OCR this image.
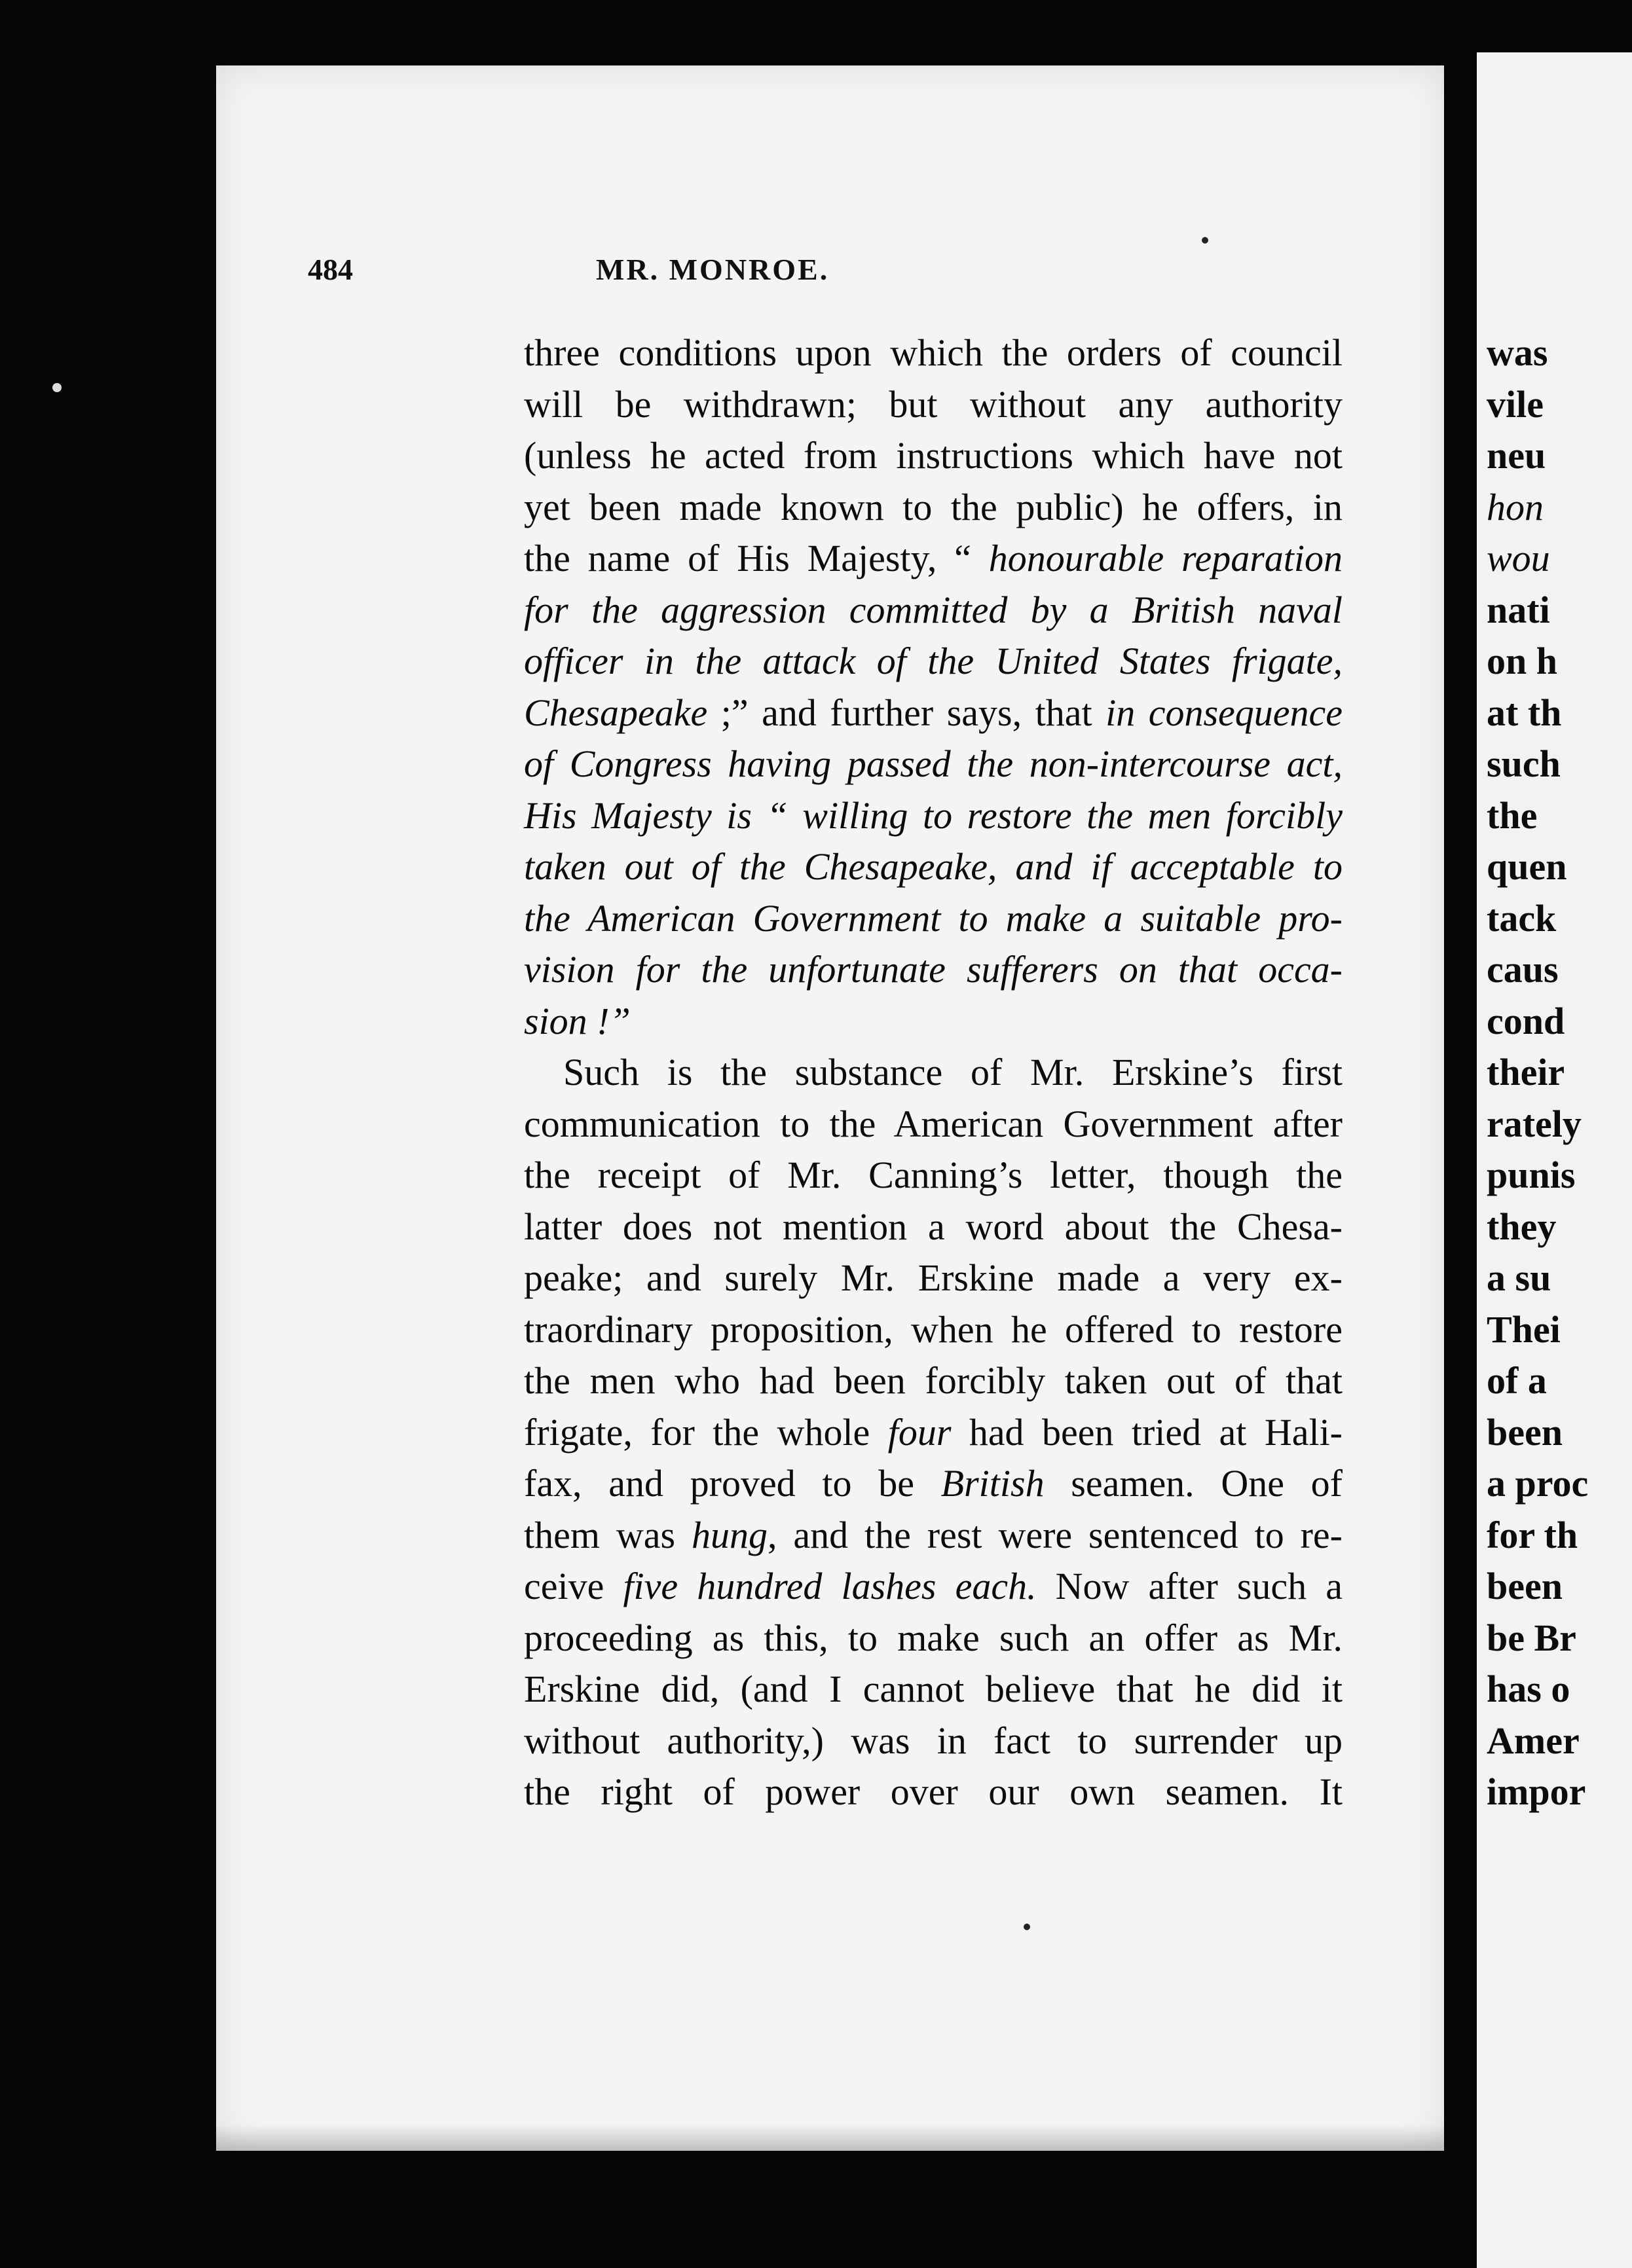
484	MR. MONROE.
three conditions upon which the orders of council
will be withdrawn; but without any authority
(unless he acted from instructions which have not
yet been made known to the public) he offers, in
the name of His Majesty, “ honourable reparation
for the aggression committed by a British naval
officer in the attack of the United States frigate,
Chesapeake ;” and further says, that in consequence
of Congress having passed the non-intercourse act,
His Majesty is “ willing to restore the men forcibly
taken out of the Chesapeake, and if acceptable to
the American Government to make a suitable pro-
vision for the unfortunate sufferers on that occa-
sion !”
Such is the substance of Mr. Erskine’s first
communication to the American Government after
the receipt of Mr. Canning’s letter, though the
latter does not mention a word about the Chesa-
peake; and surely Mr. Erskine made a very ex-
traordinary proposition, when he offered to restore
the men who had been forcibly taken out of that
frigate, for the whole four had been tried at Hali-
fax, and proved to be British seamen. One of
them was hung, and the rest were sentenced to re-
ceive five hundred lashes each. Now after such a
proceeding as this, to make such an offer as Mr.
Erskine did, (and I cannot believe that he did it
without authority,) was in fact to surrender up
the right of power over our own seamen. It
was
vile
neu
hon
wou
nati
on h
at th
such
the
quen
tack
caus
cond
their
rately
punis
they
a su
Thei
of a
been
a proc
for th
been
be Br
has o
Amer
impor
